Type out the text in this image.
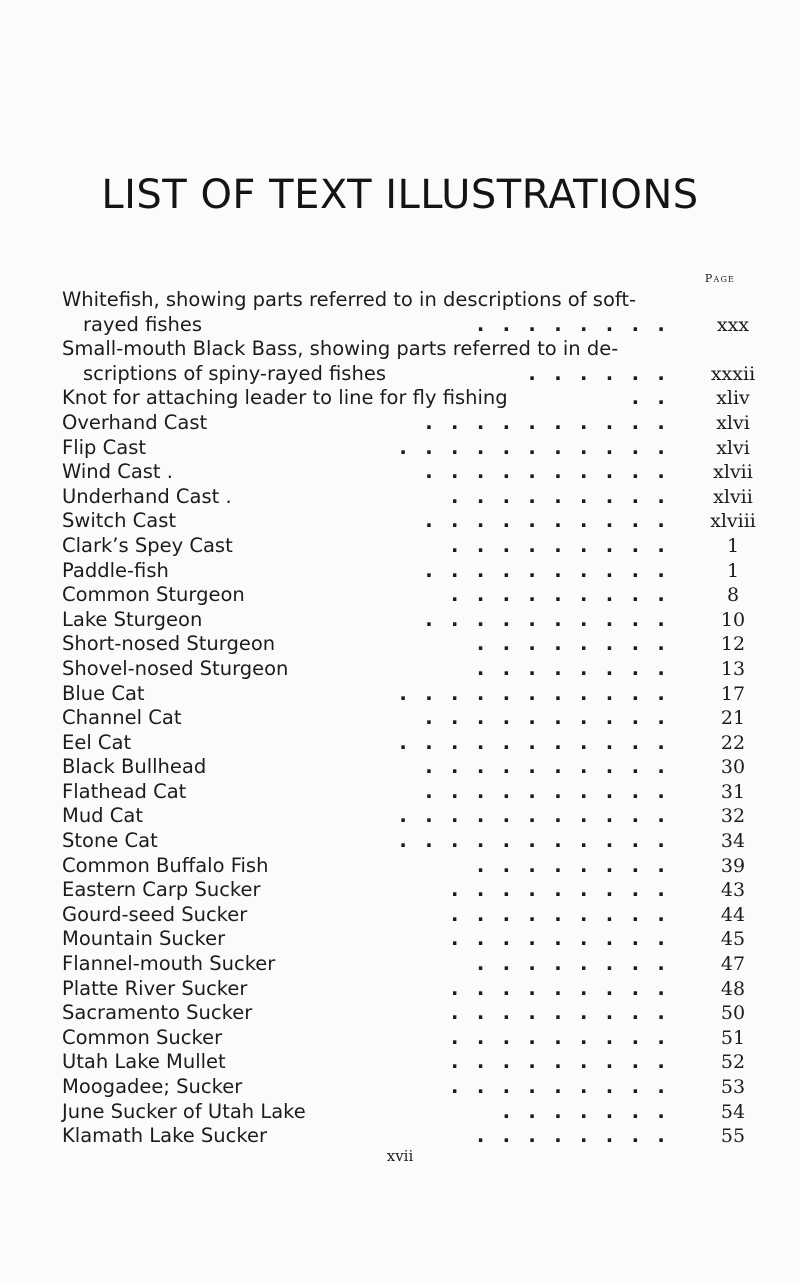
LIST OF TEXT ILLUSTRATIONS
Page
Whitefish, showing parts referred to in descriptions of soft-
rayed fishes	. . . . . . . .	xxx
Small-mouth Black Bass, showing parts referred to in de-
scriptions of spiny-rayed fishes	. . . . . .	xxxii
Knot for attaching leader to line for fly fishing	. .	xliv
Overhand Cast	. . . . . . . . . .	xlvi
Flip Cast	. . . . . . . . . . .	xlvi
Wind Cast .	. . . . . . . . . .	xlvii
Underhand Cast .	. . . . . . . . .	xlvii
Switch Cast	. . . . . . . . . .	xlviii
Clark’s Spey Cast	. . . . . . . . .	1
Paddle-fish	. . . . . . . . . .	1
Common Sturgeon	. . . . . . . . .	8
Lake Sturgeon	. . . . . . . . . .	10
Short-nosed Sturgeon	. . . . . . . .	12
Shovel-nosed Sturgeon	. . . . . . . .	13
Blue Cat	. . . . . . . . . . .	17
Channel Cat	. . . . . . . . . .	21
Eel Cat	. . . . . . . . . . .	22
Black Bullhead	. . . . . . . . . .	30
Flathead Cat	. . . . . . . . . .	31
Mud Cat	. . . . . . . . . . .	32
Stone Cat	. . . . . . . . . . .	34
Common Buffalo Fish	. . . . . . . .	39
Eastern Carp Sucker	. . . . . . . . .	43
Gourd-seed Sucker	. . . . . . . . .	44
Mountain Sucker	. . . . . . . . .	45
Flannel-mouth Sucker	. . . . . . . .	47
Platte River Sucker	. . . . . . . . .	48
Sacramento Sucker	. . . . . . . . .	50
Common Sucker	. . . . . . . . .	51
Utah Lake Mullet	. . . . . . . . .	52
Moogadee; Sucker	. . . . . . . . .	53
June Sucker of Utah Lake	. . . . . . .	54
Klamath Lake Sucker	. . . . . . . .	55
xvii
